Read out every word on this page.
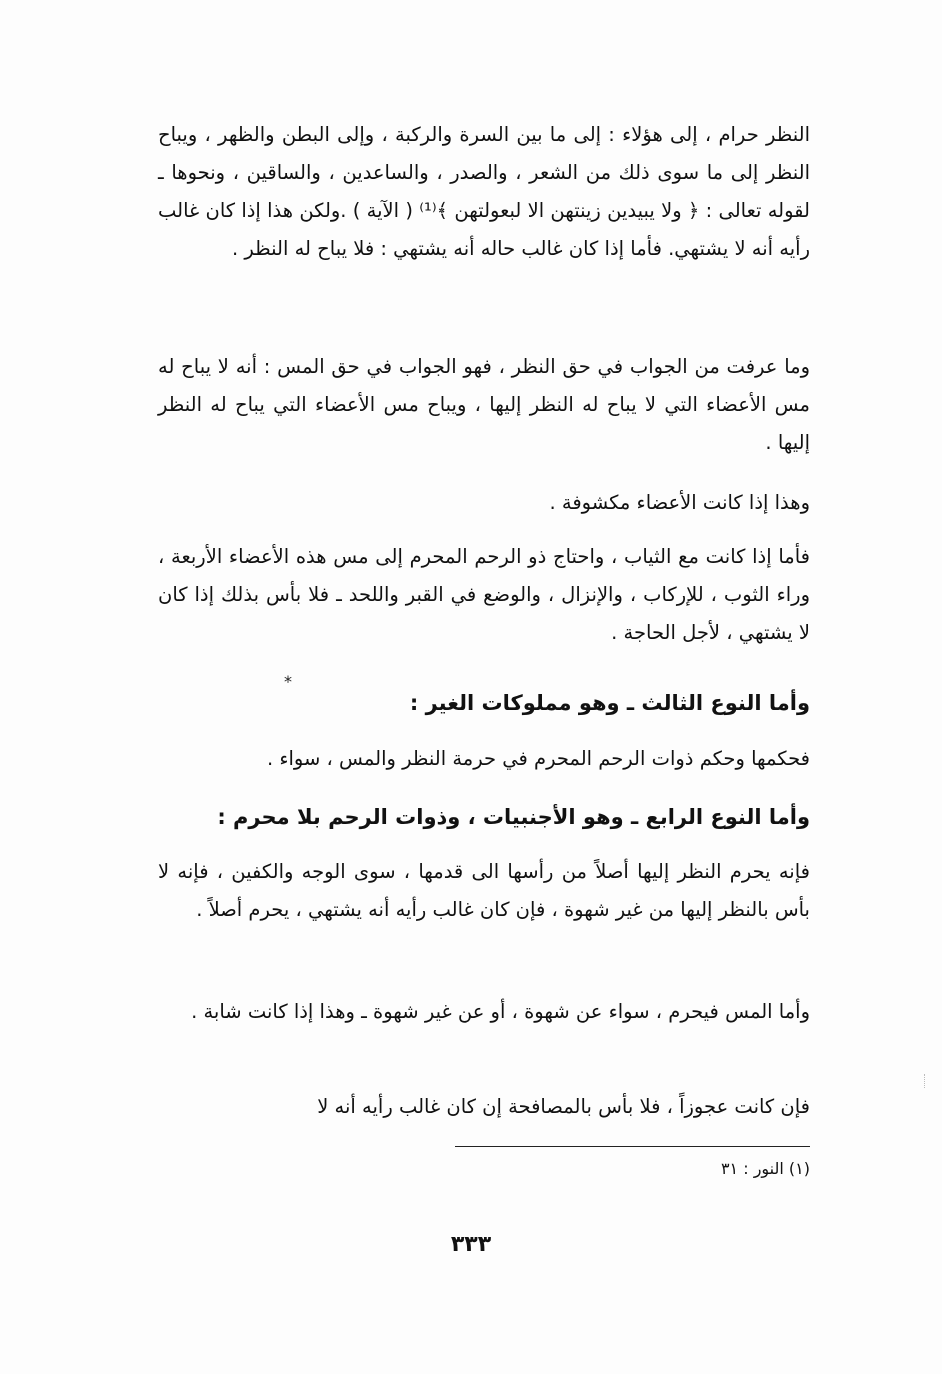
النظر حرام ، إلى هؤلاء : إلى ما بين السرة والركبة ، وإلى البطن والظهر ، ويباح النظر إلى ما سوى ذلك من الشعر ، والصدر ، والساعدين ، والساقين ، ونحوها ـ لقوله تعالى : ﴿ ولا يبيدين زينتهن الا لبعولتهن ﴾⁽¹⁾ ( الآية ) .ولكن هذا إذا كان غالب رأيه أنه لا يشتهي. فأما إذا كان غالب حاله أنه يشتهي : فلا يباح له النظر .
وما عرفت من الجواب في حق النظر ، فهو الجواب في حق المس : أنه لا يباح له مس الأعضاء التي لا يباح له النظر إليها ، ويباح مس الأعضاء التي يباح له النظر إليها .
وهذا إذا كانت الأعضاء مكشوفة .
فأما إذا كانت مع الثياب ، واحتاج ذو الرحم المحرم إلى مس هذه الأعضاء الأربعة ، وراء الثوب ، للإركاب ، والإنزال ، والوضع في القبر واللحد ـ فلا بأس بذلك إذا كان لا يشتهي ، لأجل الحاجة .
*
وأما النوع الثالث ـ وهو مملوكات الغير :
فحكمها وحكم ذوات الرحم المحرم في حرمة النظر والمس ، سواء .
وأما النوع الرابع ـ وهو الأجنبيات ، وذوات الرحم بلا محرم :
فإنه يحرم النظر إليها أصلاً من رأسها الى قدمها ، سوى الوجه والكفين ، فإنه لا بأس بالنظر إليها من غير شهوة ، فإن كان غالب رأيه أنه يشتهي ، يحرم أصلاً .
وأما المس فيحرم ، سواء عن شهوة ، أو عن غير شهوة ـ وهذا إذا كانت شابة .
فإن كانت عجوزاً ، فلا بأس بالمصافحة إن كان غالب رأيه أنه لا
(١) النور : ٣١
٣٣٣
